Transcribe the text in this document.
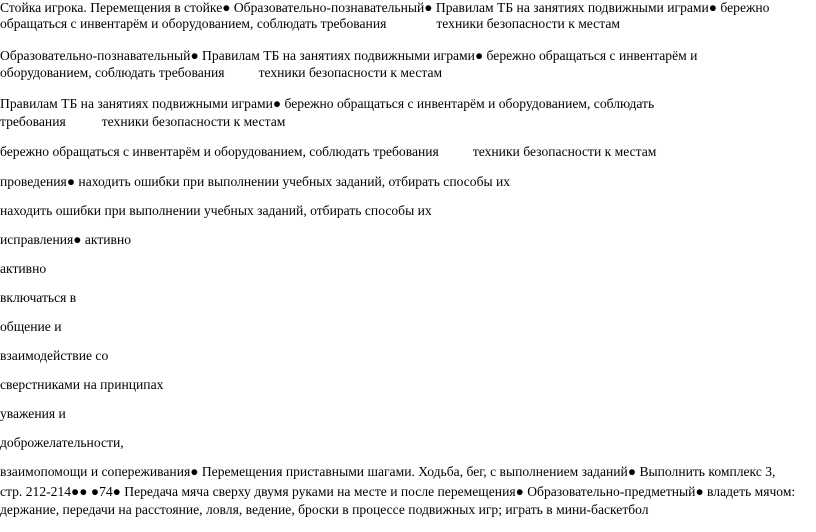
Стойка игрока. Перемещения в стойке● Образовательно-познавательный● Правилам ТБ на занятиях подвижными играми● бережно
обращаться с инвентарём и оборудованием, соблюдать требования	техники безопасности к местам
Образовательно-познавательный● Правилам ТБ на занятиях подвижными играми● бережно обращаться с инвентарём и
оборудованием, соблюдать требования	техники безопасности к местам
Правилам ТБ на занятиях подвижными играми● бережно обращаться с инвентарём и оборудованием, соблюдать
требования	техники безопасности к местам
бережно обращаться с инвентарём и оборудованием, соблюдать требования	техники безопасности к местам
проведения● находить ошибки при выполнении учебных заданий, отбирать способы их
находить ошибки при выполнении учебных заданий, отбирать способы их
исправления● активно
активно
включаться в
общение и
взаимодействие со
сверстниками на принципах
уважения и
доброжелательности,
взаимопомощи и сопереживания● Перемещения приставными шагами. Ходьба, бег, с выполнением заданий● Выполнить комплекс 3,
стр. 212-214●● ●74● Передача мяча сверху двумя руками на месте и после перемещения● Образовательно-предметный● владеть мячом:
держание, передачи на расстояние, ловля, ведение, броски в процессе подвижных игр; играть в мини-баскетбол
